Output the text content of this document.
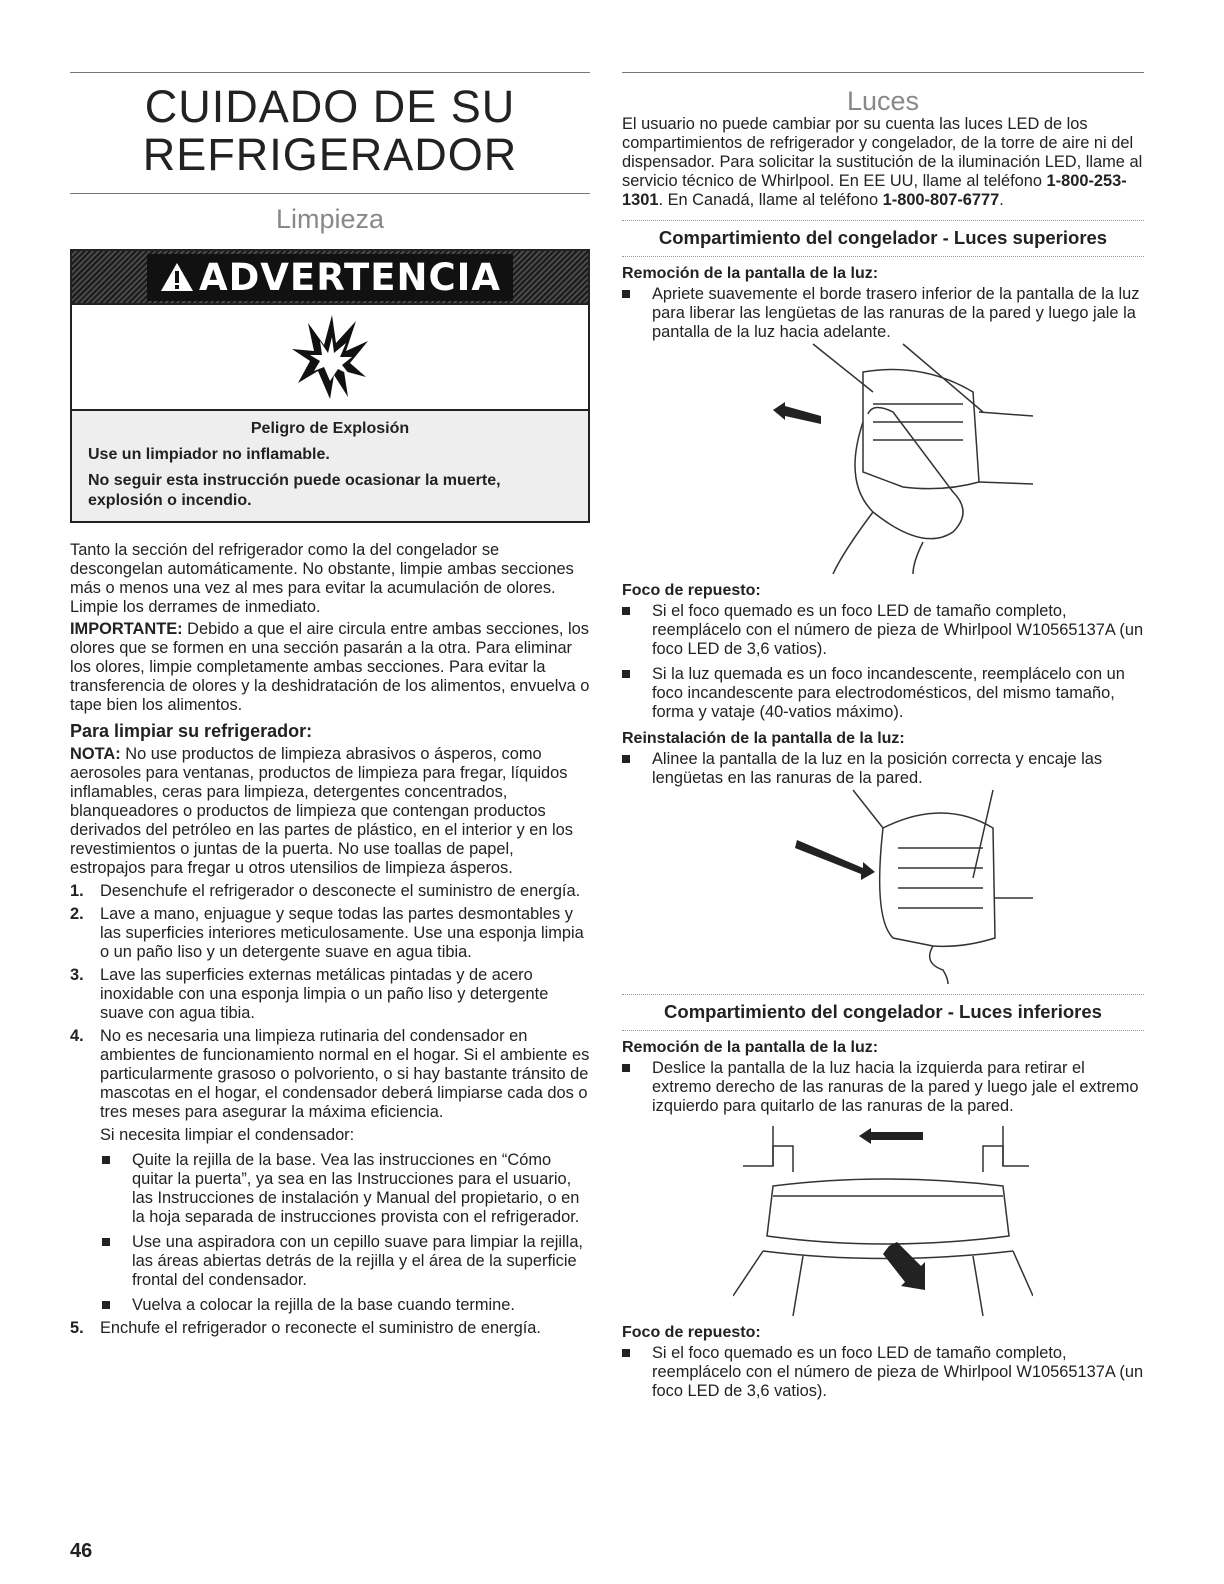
CUIDADO DE SU
REFRIGERADOR
Limpieza
ADVERTENCIA

Peligro de Explosión

Use un limpiador no inflamable.

No seguir esta instrucción puede ocasionar la muerte, explosión o incendio.

Tanto la sección del refrigerador como la del congelador se descongelan automáticamente. No obstante, limpie ambas secciones más o menos una vez al mes para evitar la acumulación de olores. Limpie los derrames de inmediato.

IMPORTANTE: Debido a que el aire circula entre ambas secciones, los olores que se formen en una sección pasarán a la otra. Para eliminar los olores, limpie completamente ambas secciones. Para evitar la transferencia de olores y la deshidratación de los alimentos, envuelva o tape bien los alimentos.

Para limpiar su refrigerador:

NOTA: No use productos de limpieza abrasivos o ásperos, como aerosoles para ventanas, productos de limpieza para fregar, líquidos inflamables, ceras para limpieza, detergentes concentrados, blanqueadores o productos de limpieza que contengan productos derivados del petróleo en las partes de plástico, en el interior y en los revestimientos o juntas de la puerta. No use toallas de papel, estropajos para fregar u otros utensilios de limpieza ásperos.

1. Desenchufe el refrigerador o desconecte el suministro de energía.

2. Lave a mano, enjuague y seque todas las partes desmontables y las superficies interiores meticulosamente. Use una esponja limpia o un paño liso y un detergente suave en agua tibia.

3. Lave las superficies externas metálicas pintadas y de acero inoxidable con una esponja limpia o un paño liso y detergente suave con agua tibia.

4. No es necesaria una limpieza rutinaria del condensador en ambientes de funcionamiento normal en el hogar. Si el ambiente es particularmente grasoso o polvoriento, o si hay bastante tránsito de mascotas en el hogar, el condensador deberá limpiarse cada dos o tres meses para asegurar la máxima eficiencia.

Si necesita limpiar el condensador:

Quite la rejilla de la base. Vea las instrucciones en “Cómo quitar la puerta”, ya sea en las Instrucciones para el usuario, las Instrucciones de instalación y Manual del propietario, o en la hoja separada de instrucciones provista con el refrigerador.

Use una aspiradora con un cepillo suave para limpiar la rejilla, las áreas abiertas detrás de la rejilla y el área de la superficie frontal del condensador.

Vuelva a colocar la rejilla de la base cuando termine.

5. Enchufe el refrigerador o reconecte el suministro de energía.

Luces

El usuario no puede cambiar por su cuenta las luces LED de los compartimientos de refrigerador y congelador, de la torre de aire ni del dispensador. Para solicitar la sustitución de la iluminación LED, llame al servicio técnico de Whirlpool. En EE UU, llame al teléfono 1-800-253-1301. En Canadá, llame al teléfono 1-800-807-6777.

Compartimiento del congelador - Luces superiores
Remoción de la pantalla de la luz:

Apriete suavemente el borde trasero inferior de la pantalla de la luz para liberar las lengüetas de las ranuras de la pared y luego jale la pantalla de la luz hacia adelante.

Foco de repuesto:

Si el foco quemado es un foco LED de tamaño completo, reemplácelo con el número de pieza de Whirlpool W10565137A (un foco LED de 3,6 vatios).

Si la luz quemada es un foco incandescente, reemplácelo con un foco incandescente para electrodomésticos, del mismo tamaño, forma y vataje (40-vatios máximo).

Reinstalación de la pantalla de la luz:

Alinee la pantalla de la luz en la posición correcta y encaje las lengüetas en las ranuras de la pared.

Compartimiento del congelador - Luces inferiores
Remoción de la pantalla de la luz:

Deslice la pantalla de la luz hacia la izquierda para retirar el extremo derecho de las ranuras de la pared y luego jale el extremo izquierdo para quitarlo de las ranuras de la pared.

Foco de repuesto:

Si el foco quemado es un foco LED de tamaño completo, reemplácelo con el número de pieza de Whirlpool W10565137A (un foco LED de 3,6 vatios).

46
